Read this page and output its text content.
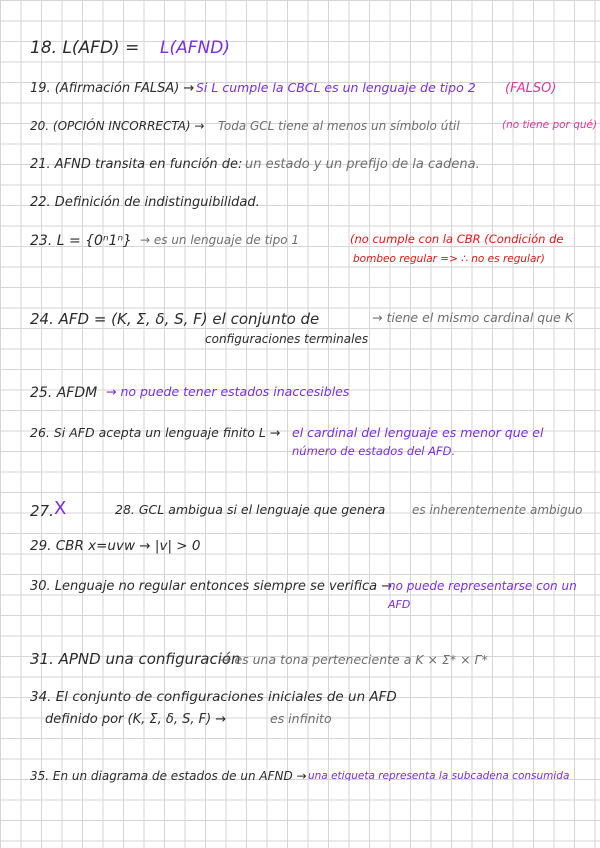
18. L(AFD) = L(AFND)
19. (Afirmación FALSA) → Si L cumple la CBCL es un lenguaje de tipo 2 (FALSO)
20. (OPCIÓN INCORRECTA) → Toda GCL tiene al menos un símbolo útil	(no tiene por qué)
21. AFND transita en función de: un estado y un prefijo de la cadena.
22. Definición de indistinguibilidad.
23. L = {0ⁿ1ⁿ} → es un lenguaje de tipo 1	(no cumple con la CBR (Condición de
bombeo regular => ∴ no es regular)
24. AFD = (K, Σ, δ, S, F) el conjunto de	→ tiene el mismo cardinal que K
configuraciones terminales
25. AFDM → no puede tener estados inaccesibles
26. Si AFD acepta un lenguaje finito L → el cardinal del lenguaje es menor que el
número de estados del AFD.
27. X	28. GCL ambigua si el lenguaje que genera es inherentemente ambiguo
29. CBR x=uvw → |v| > 0
30. Lenguaje no regular entonces siempre se verifica →
no puede representarse con un
AFD
31. APND una configuración
→ es una tona perteneciente a K × Σ* × Γ*
34. El conjunto de configuraciones iniciales de un AFD
definido por (K, Σ, δ, S, F) →	es infinito
35. En un diagrama de estados de un AFND → una etiqueta representa la subcadena consumida
